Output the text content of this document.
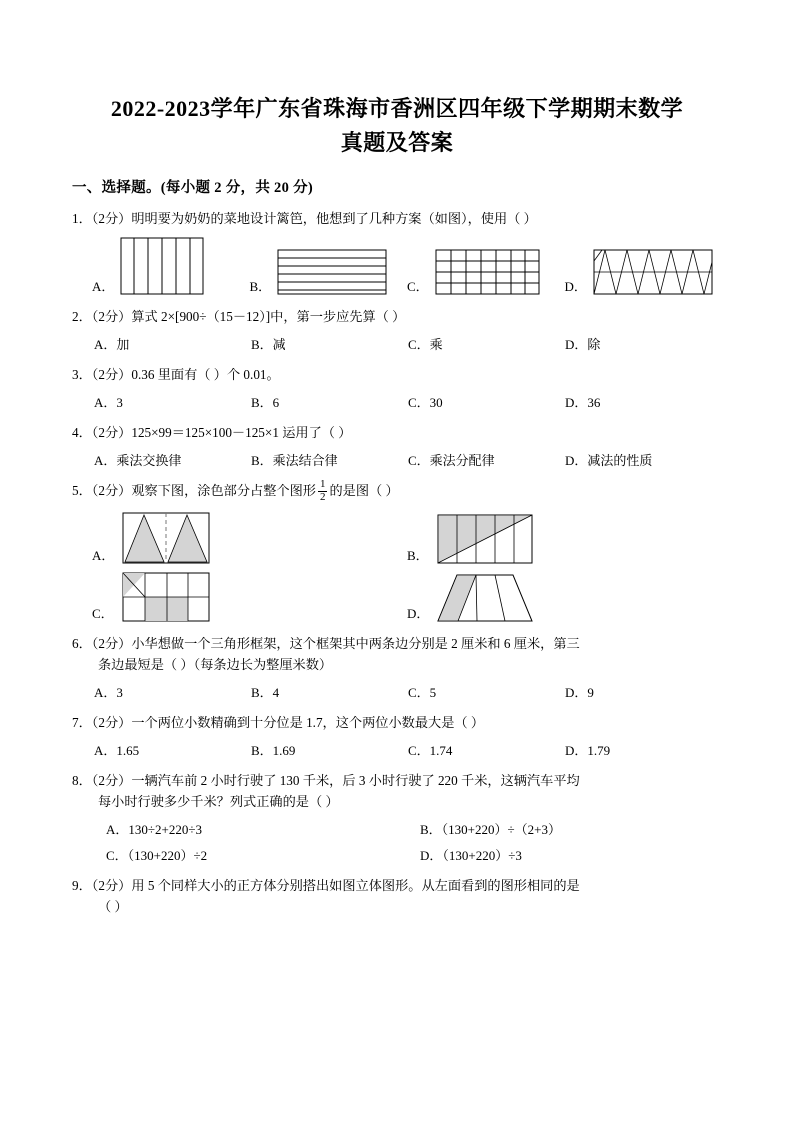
2022-2023学年广东省珠海市香洲区四年级下学期期末数学
真题及答案
一、选择题。(每小题 2 分，共 20 分)
1．（2分）明明要为奶奶的菜地设计篱笆，他想到了几种方案（如图），使用（ ）
A．	B．	C．	D．
2．（2分）算式 2×[900÷（15－12）]中，第一步应先算（ ）
A．加	B．减	C．乘	D．除
3．（2分）0.36 里面有（ ）个 0.01。
A．3	B．6	C．30	D．36
4．（2分）125×99＝125×100－125×1 运用了（ ）
A．乘法交换律	B．乘法结合律	C．乘法分配律	D．减法的性质
5．（2分）观察下图，涂色部分占整个图形 $\frac{1}{2}$ 的是图（ ）
A．	B．
C．	D．
6．（2分）小华想做一个三角形框架，这个框架其中两条边分别是 2 厘米和 6 厘米，第三
条边最短是（ ）（每条边长为整厘米数）
A．3	B．4	C．5	D．9
7．（2分）一个两位小数精确到十分位是 1.7，这个两位小数最大是（ ）
A．1.65	B．1.69	C．1.74	D．1.79
8．（2分）一辆汽车前 2 小时行驶了 130 千米，后 3 小时行驶了 220 千米，这辆汽车平均
每小时行驶多少千米？列式正确的是（ ）
A．130÷2+220÷3	B．（130+220）÷（2+3）
C．（130+220）÷2	D．（130+220）÷3
9．（2分）用 5 个同样大小的正方体分别搭出如图立体图形。从左面看到的图形相同的是
（ ）
